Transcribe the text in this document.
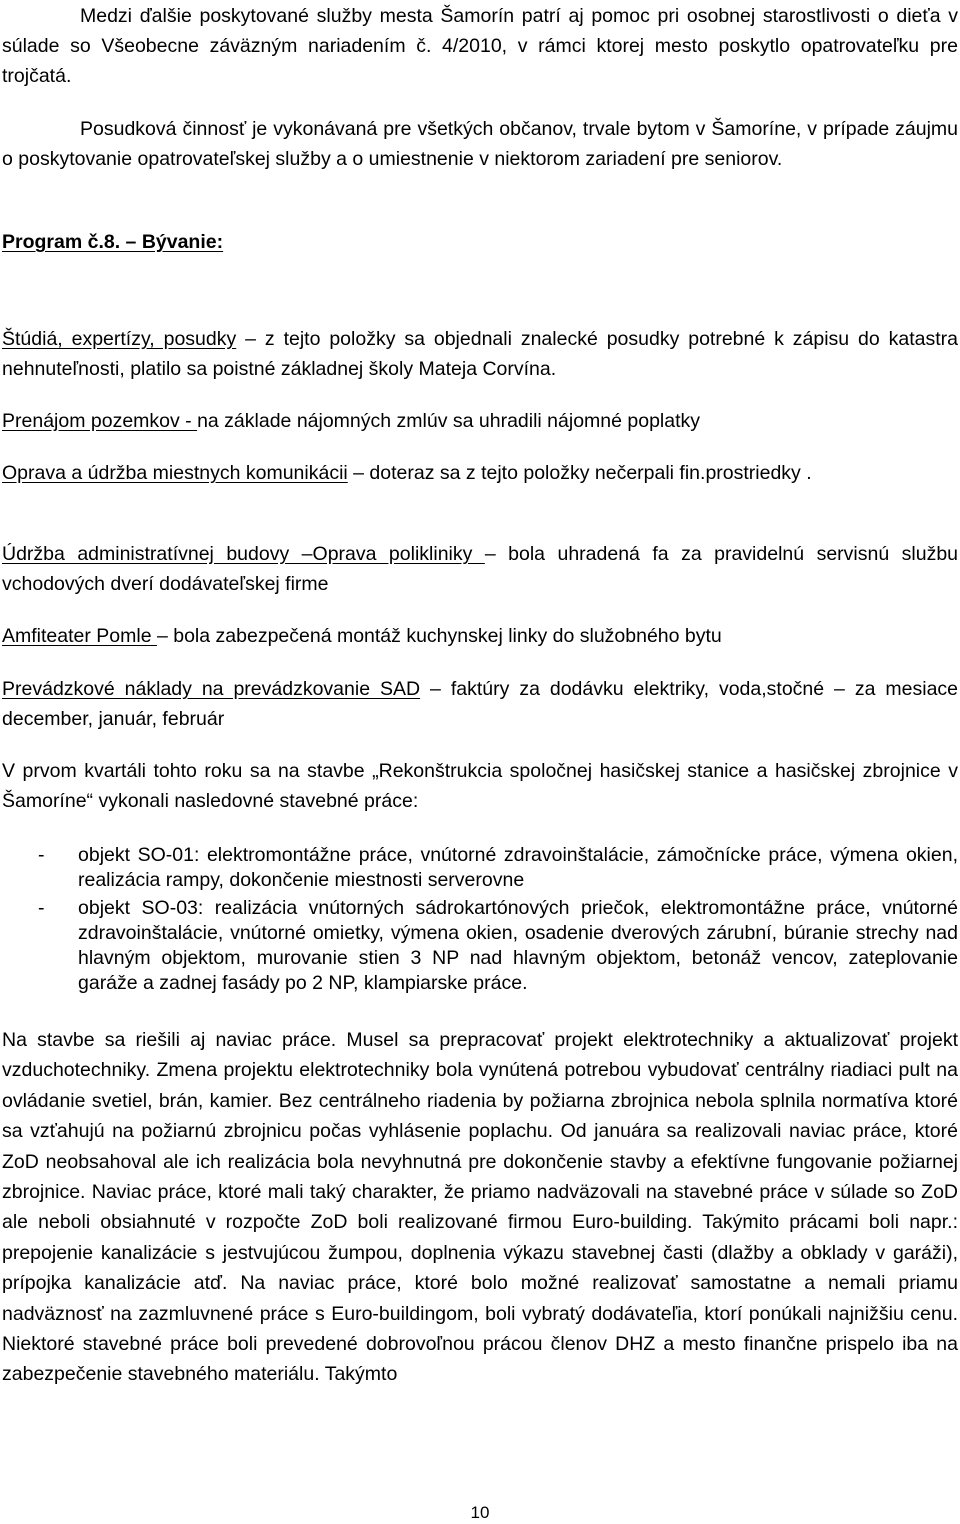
Medzi ďalšie poskytované služby mesta Šamorín patrí aj pomoc pri osobnej starostlivosti o dieťa v súlade so Všeobecne záväzným nariadením č. 4/2010, v rámci ktorej mesto poskytlo opatrovateľku pre trojčatá.

Posudková činnosť je vykonávaná pre všetkých občanov, trvale bytom v Šamoríne, v prípade záujmu o poskytovanie opatrovateľskej služby a o umiestnenie v niektorom zariadení pre seniorov.

Program č.8. – Bývanie:

Štúdiá, expertízy, posudky – z tejto položky sa objednali znalecké posudky potrebné k zápisu do katastra nehnuteľnosti, platilo sa poistné základnej školy Mateja Corvína.

Prenájom pozemkov - na základe nájomných zmlúv sa uhradili nájomné poplatky

Oprava a údržba miestnych komunikácii – doteraz sa z tejto položky nečerpali fin.prostriedky .

Údržba administratívnej budovy –Oprava polikliniky – bola uhradená fa za pravidelnú servisnú službu vchodových dverí dodávateľskej firme

Amfiteater Pomle – bola zabezpečená montáž kuchynskej linky do služobného bytu

Prevádzkové náklady na prevádzkovanie SAD – faktúry za dodávku elektriky, voda,stočné – za mesiace december, január, február

V prvom kvartáli tohto roku sa na stavbe „Rekonštrukcia spoločnej hasičskej stanice a hasičskej zbrojnice v Šamoríne“ vykonali nasledovné stavebné práce:

- objekt SO-01: elektromontážne práce, vnútorné zdravoinštalácie, zámočnícke práce, výmena okien, realizácia rampy, dokončenie miestnosti serverovne
- objekt SO-03: realizácia vnútorných sádrokartónových priečok, elektromontážne práce, vnútorné zdravoinštalácie, vnútorné omietky, výmena okien, osadenie dverových zárubní, búranie strechy nad hlavným objektom, murovanie stien 3 NP nad hlavným objektom, betonáž vencov, zateplovanie garáže a zadnej fasády po 2 NP, klampiarske práce.

Na stavbe sa riešili aj naviac práce. Musel sa prepracovať projekt elektrotechniky a aktualizovať projekt vzduchotechniky. Zmena projektu elektrotechniky bola vynútená potrebou vybudovať centrálny riadiaci pult na ovládanie svetiel, brán, kamier. Bez centrálneho riadenia by požiarna zbrojnica nebola splnila normatíva ktoré sa vzťahujú na požiarnú zbrojnicu počas vyhlásenie poplachu. Od januára sa realizovali naviac práce, ktoré ZoD neobsahoval ale ich realizácia bola nevyhnutná pre dokončenie stavby a efektívne fungovanie požiarnej zbrojnice. Naviac práce, ktoré mali taký charakter, že priamo nadväzovali na stavebné práce v súlade so ZoD ale neboli obsiahnuté v rozpočte ZoD boli realizované firmou Euro-building. Takýmito prácami boli napr.: prepojenie kanalizácie s jestvujúcou žumpou, doplnenia výkazu stavebnej časti (dlažby a obklady v garáži), prípojka kanalizácie atď. Na naviac práce, ktoré bolo možné realizovať samostatne a nemali priamu nadväznosť na zazmluvnené práce s Euro-buildingom, boli vybratý dodávateľia, ktorí ponúkali najnižšiu cenu. Niektoré stavebné práce boli prevedené dobrovoľnou prácou členov DHZ a mesto finančne prispelo iba na zabezpečenie stavebného materiálu. Takýmto

10
